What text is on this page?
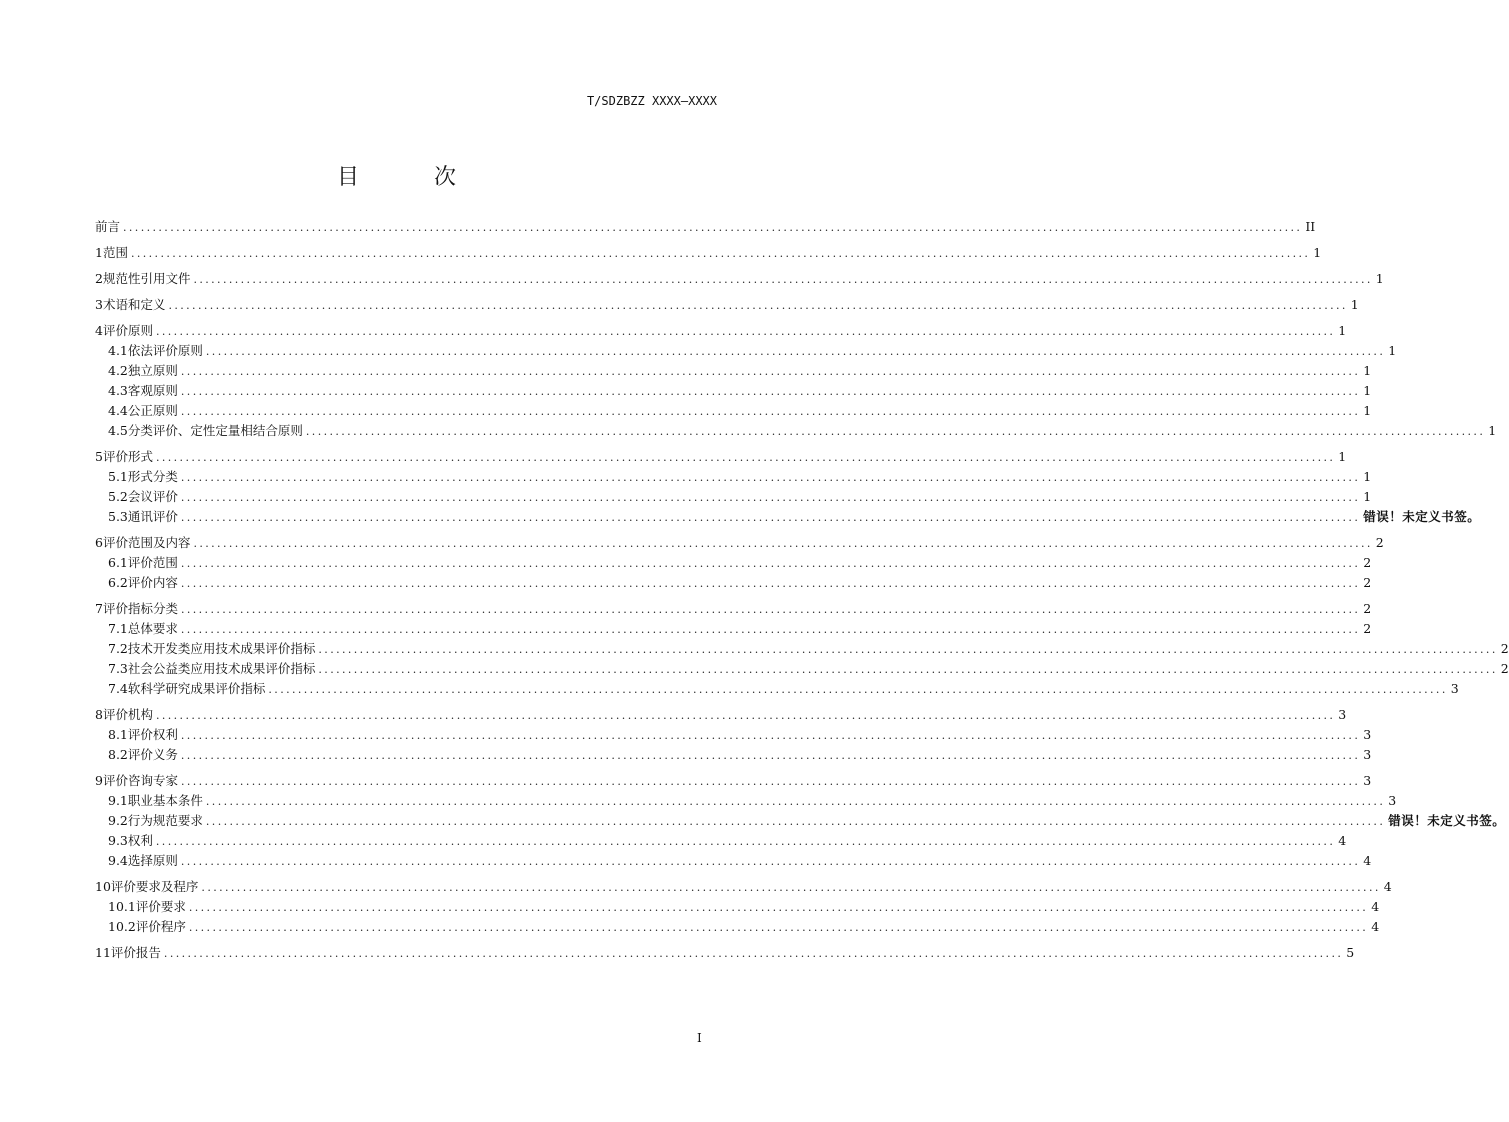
T/SDZBZZ XXXX—XXXX
目 次
前言 ........................................................................................................................................................................................................ II
1 范围 ........................................................................................................................................................................................................ 1
2 规范性引用文件 ........................................................................................................................................................................................................ 1
3 术语和定义 ........................................................................................................................................................................................................ 1
4 评价原则 ........................................................................................................................................................................................................ 1
4.1 依法评价原则 ........................................................................................................................................................................................................ 1
4.2 独立原则 ........................................................................................................................................................................................................ 1
4.3 客观原则 ........................................................................................................................................................................................................ 1
4.4 公正原则 ........................................................................................................................................................................................................ 1
4.5 分类评价、定性定量相结合原则 ........................................................................................................................................................................................................ 1
5 评价形式 ........................................................................................................................................................................................................ 1
5.1 形式分类 ........................................................................................................................................................................................................ 1
5.2 会议评价 ........................................................................................................................................................................................................ 1
5.3 通讯评价 ........................................................................................................................................................................................................ 错误！未定义书签。
6 评价范围及内容 ........................................................................................................................................................................................................ 2
6.1 评价范围 ........................................................................................................................................................................................................ 2
6.2 评价内容 ........................................................................................................................................................................................................ 2
7 评价指标分类 ........................................................................................................................................................................................................ 2
7.1 总体要求 ........................................................................................................................................................................................................ 2
7.2 技术开发类应用技术成果评价指标 ........................................................................................................................................................................................................ 2
7.3 社会公益类应用技术成果评价指标 ........................................................................................................................................................................................................ 2
7.4 软科学研究成果评价指标 ........................................................................................................................................................................................................ 3
8 评价机构 ........................................................................................................................................................................................................ 3
8.1 评价权利 ........................................................................................................................................................................................................ 3
8.2 评价义务 ........................................................................................................................................................................................................ 3
9 评价咨询专家 ........................................................................................................................................................................................................ 3
9.1 职业基本条件 ........................................................................................................................................................................................................ 3
9.2 行为规范要求 ........................................................................................................................................................................................................ 错误！未定义书签。
9.3 权利 ........................................................................................................................................................................................................ 4
9.4 选择原则 ........................................................................................................................................................................................................ 4
10 评价要求及程序 ........................................................................................................................................................................................................ 4
10.1 评价要求 ........................................................................................................................................................................................................ 4
10.2 评价程序 ........................................................................................................................................................................................................ 4
11 评价报告 ........................................................................................................................................................................................................ 5
I
